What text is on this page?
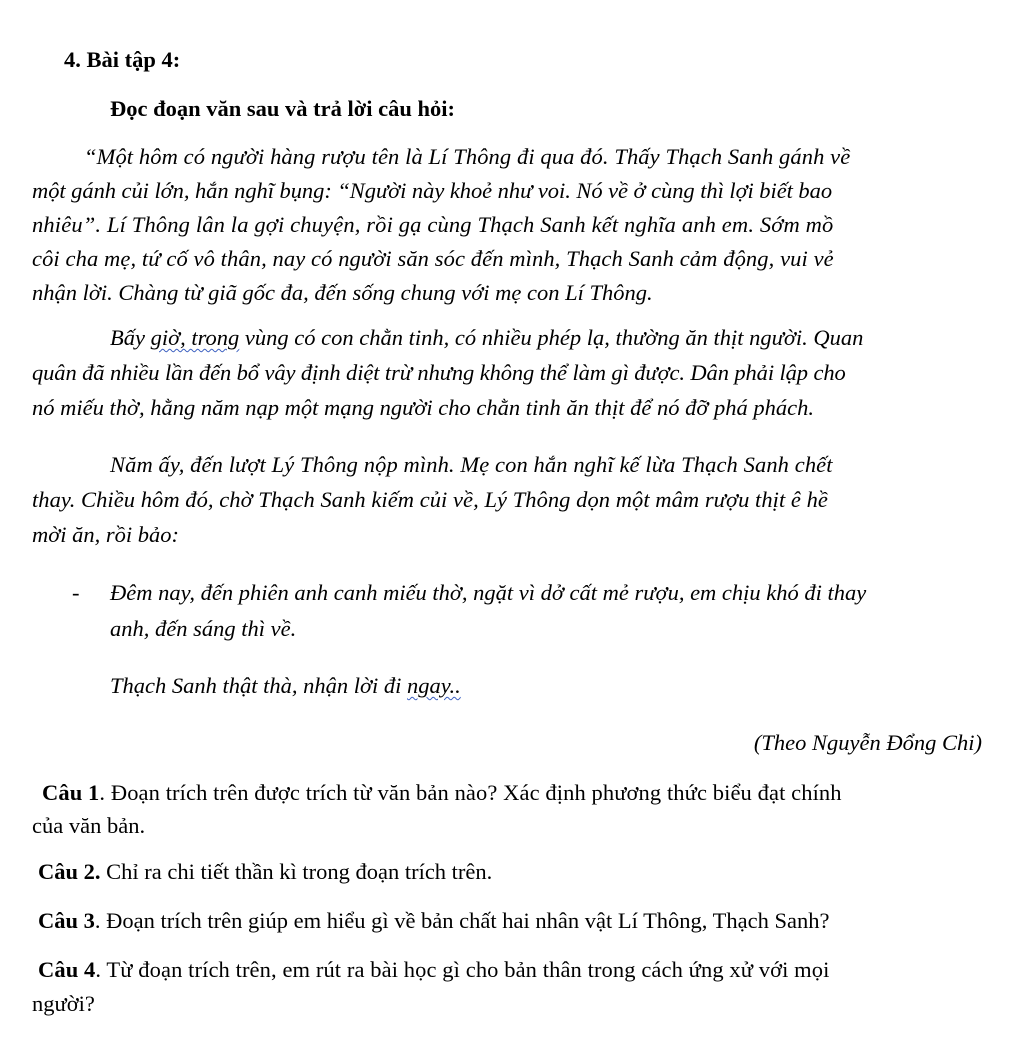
4. Bài tập 4:
Đọc đoạn văn sau và trả lời câu hỏi:
“Một hôm có người hàng rượu tên là Lí Thông đi qua đó. Thấy Thạch Sanh gánh về
một gánh củi lớn, hắn nghĩ bụng: “Người này khoẻ như voi. Nó về ở cùng thì lợi biết bao
nhiêu”. Lí Thông lân la gợi chuyện, rồi gạ cùng Thạch Sanh kết nghĩa anh em. Sớm mồ
côi cha mẹ, tứ cố vô thân, nay có người săn sóc đến mình, Thạch Sanh cảm động, vui vẻ
nhận lời. Chàng từ giã gốc đa, đến sống chung với mẹ con Lí Thông.
Bấy giờ, trong vùng có con chằn tinh, có nhiều phép lạ, thường ăn thịt người. Quan
quân đã nhiều lần đến bổ vây định diệt trừ nhưng không thể làm gì được. Dân phải lập cho
nó miếu thờ, hằng năm nạp một mạng người cho chằn tinh ăn thịt để nó đỡ phá phách.
Năm ấy, đến lượt Lý Thông nộp mình. Mẹ con hắn nghĩ kế lừa Thạch Sanh chết
thay. Chiều hôm đó, chờ Thạch Sanh kiếm củi về, Lý Thông dọn một mâm rượu thịt ê hề
mời ăn, rồi bảo:
- Đêm nay, đến phiên anh canh miếu thờ, ngặt vì dở cất mẻ rượu, em chịu khó đi thay
anh, đến sáng thì về.
Thạch Sanh thật thà, nhận lời đi ngay..
(Theo Nguyễn Đổng Chi)
Câu 1. Đoạn trích trên được trích từ văn bản nào? Xác định phương thức biểu đạt chính
của văn bản.
Câu 2. Chỉ ra chi tiết thần kì trong đoạn trích trên.
Câu 3. Đoạn trích trên giúp em hiểu gì về bản chất hai nhân vật Lí Thông, Thạch Sanh?
Câu 4. Từ đoạn trích trên, em rút ra bài học gì cho bản thân trong cách ứng xử với mọi
người?
